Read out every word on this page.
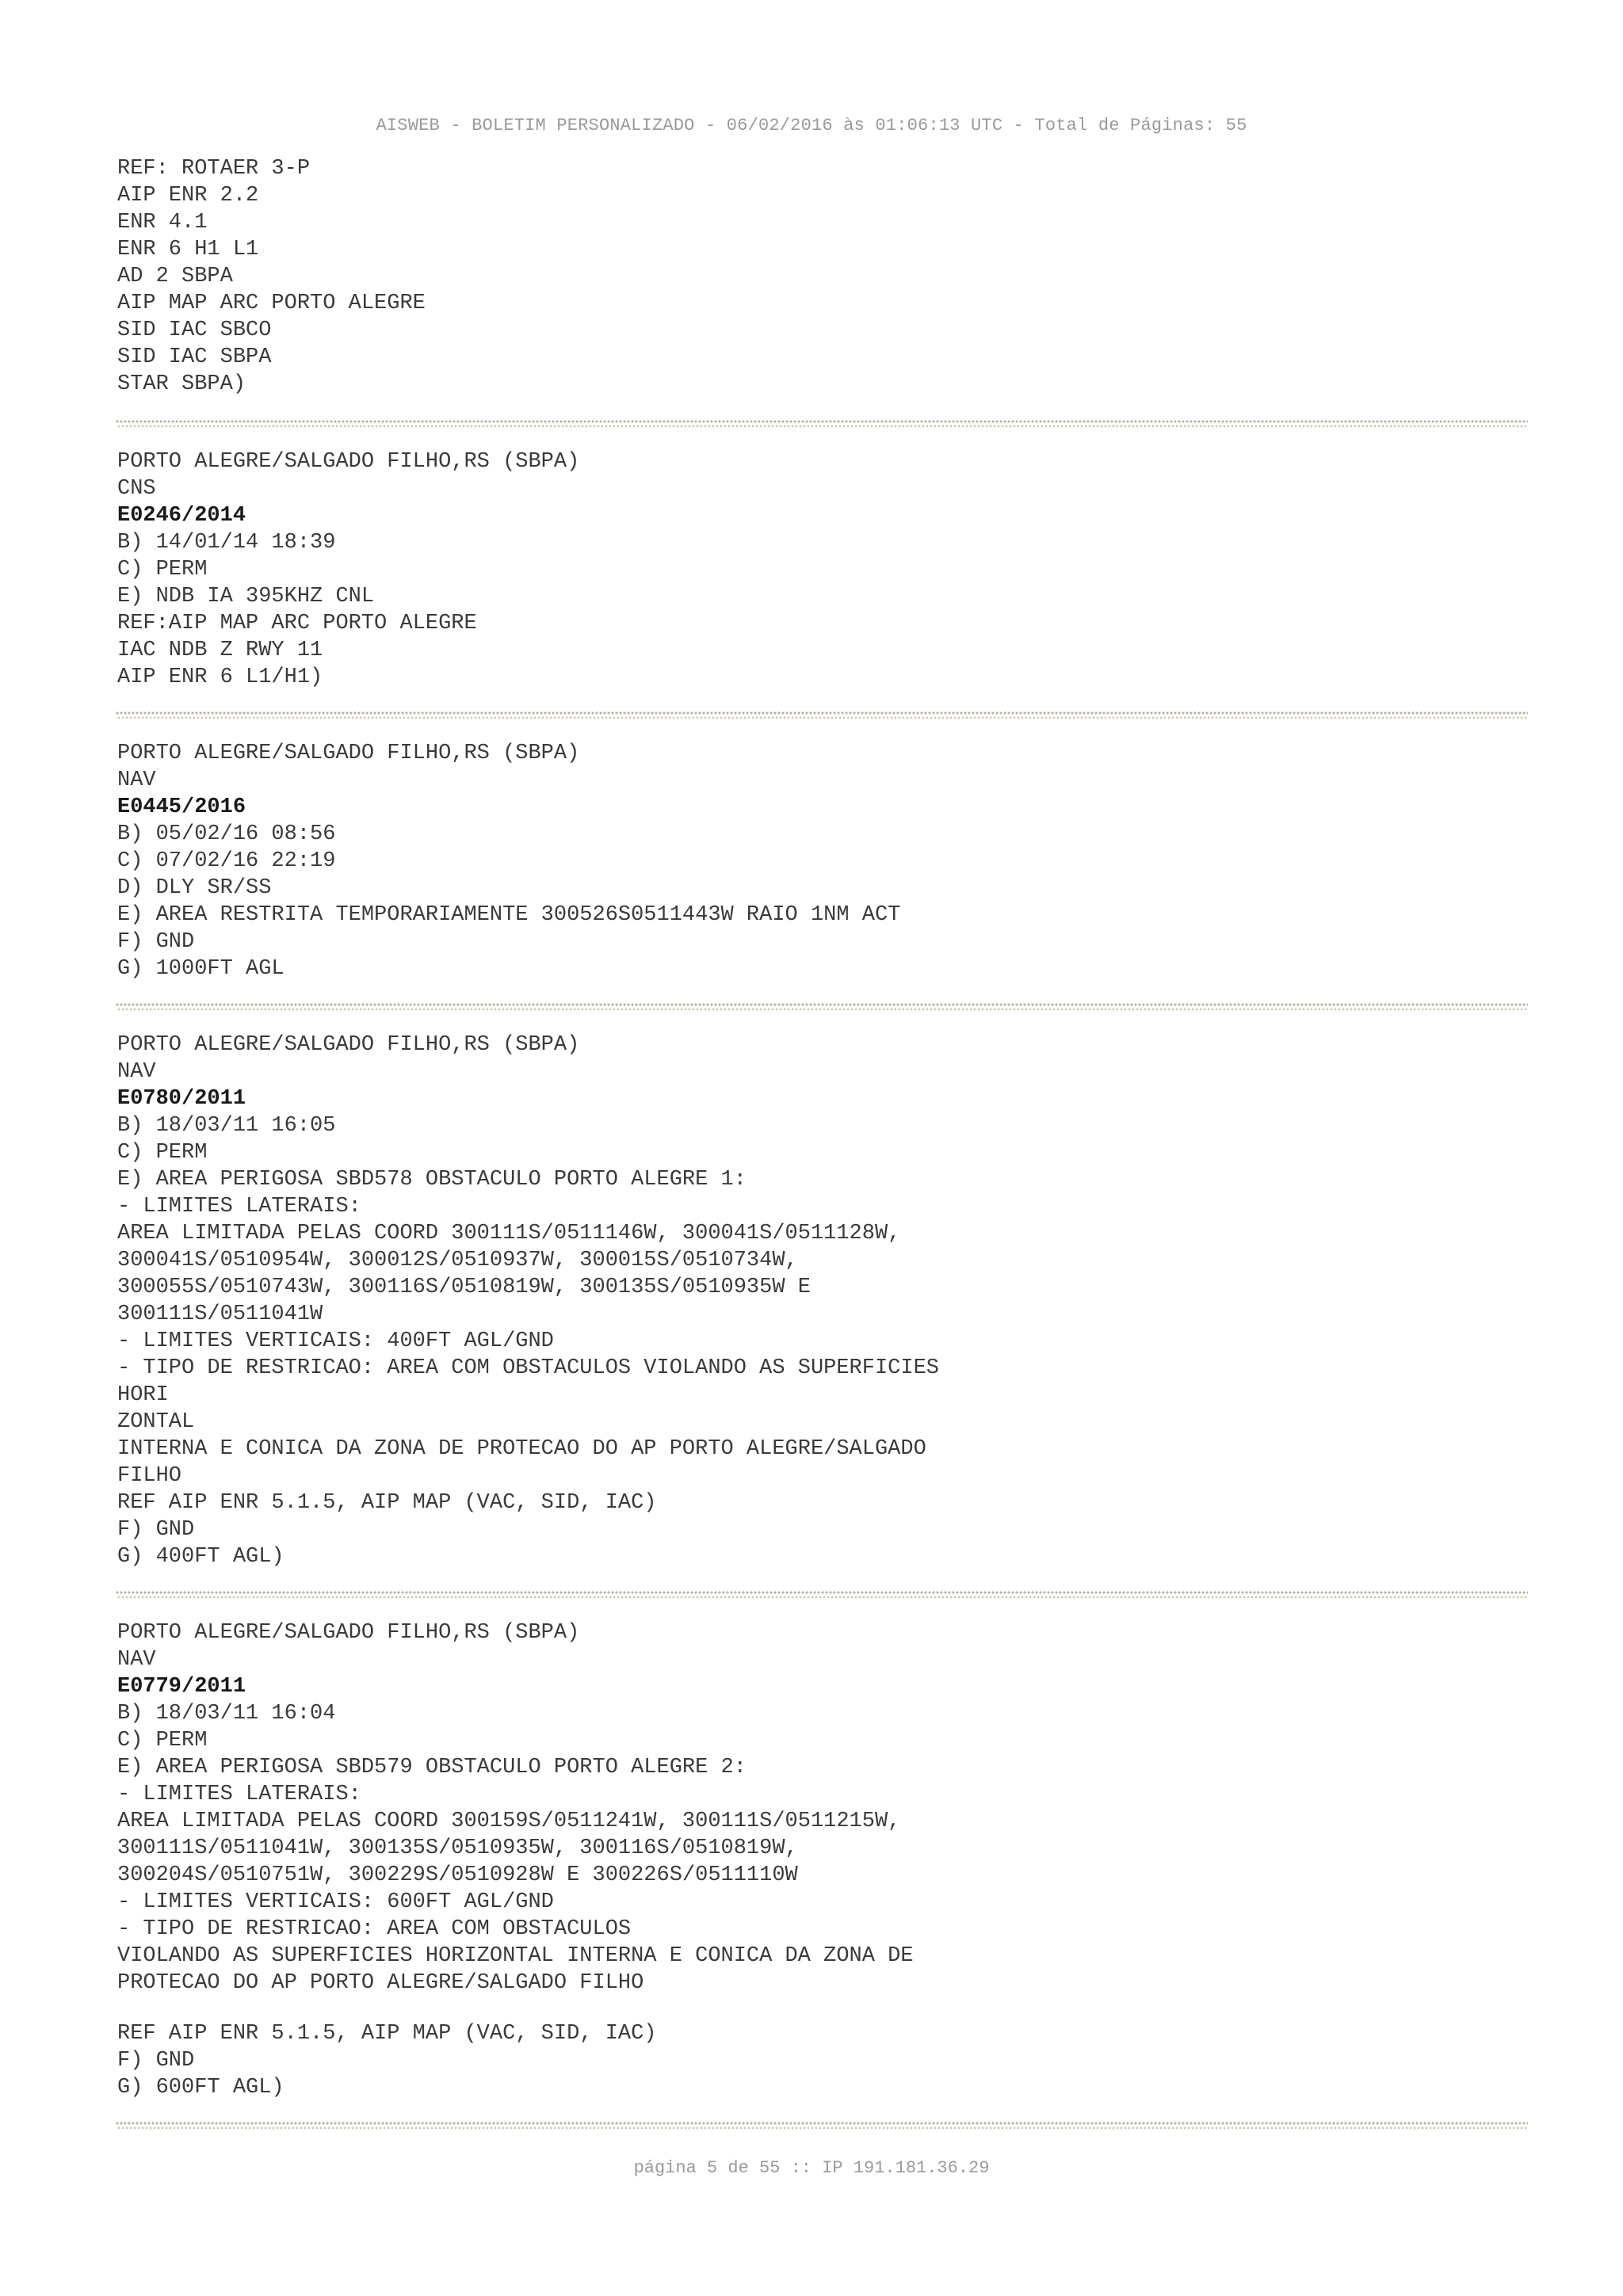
AISWEB - BOLETIM PERSONALIZADO - 06/02/2016 às 01:06:13 UTC - Total de Páginas: 55
REF: ROTAER 3-P
AIP ENR 2.2
ENR 4.1
ENR 6 H1 L1
AD 2 SBPA
AIP MAP ARC PORTO ALEGRE
SID IAC SBCO
SID IAC SBPA
STAR SBPA)
PORTO ALEGRE/SALGADO FILHO,RS (SBPA)
CNS
E0246/2014
B) 14/01/14 18:39
C) PERM
E) NDB IA 395KHZ CNL
REF:AIP MAP ARC PORTO ALEGRE
IAC NDB Z RWY 11
AIP ENR 6 L1/H1)
PORTO ALEGRE/SALGADO FILHO,RS (SBPA)
NAV
E0445/2016
B) 05/02/16 08:56
C) 07/02/16 22:19
D) DLY SR/SS
E) AREA RESTRITA TEMPORARIAMENTE 300526S0511443W RAIO 1NM ACT
F) GND
G) 1000FT AGL
PORTO ALEGRE/SALGADO FILHO,RS (SBPA)
NAV
E0780/2011
B) 18/03/11 16:05
C) PERM
E) AREA PERIGOSA SBD578 OBSTACULO PORTO ALEGRE 1:
- LIMITES LATERAIS:
AREA LIMITADA PELAS COORD 300111S/0511146W, 300041S/0511128W,
300041S/0510954W, 300012S/0510937W, 300015S/0510734W,
300055S/0510743W, 300116S/0510819W, 300135S/0510935W E
300111S/0511041W
- LIMITES VERTICAIS: 400FT AGL/GND
- TIPO DE RESTRICAO: AREA COM OBSTACULOS VIOLANDO AS SUPERFICIES
HORI
ZONTAL
INTERNA E CONICA DA ZONA DE PROTECAO DO AP PORTO ALEGRE/SALGADO
FILHO
REF AIP ENR 5.1.5, AIP MAP (VAC, SID, IAC)
F) GND
G) 400FT AGL)
PORTO ALEGRE/SALGADO FILHO,RS (SBPA)
NAV
E0779/2011
B) 18/03/11 16:04
C) PERM
E) AREA PERIGOSA SBD579 OBSTACULO PORTO ALEGRE 2:
- LIMITES LATERAIS:
AREA LIMITADA PELAS COORD 300159S/0511241W, 300111S/0511215W,
300111S/0511041W, 300135S/0510935W, 300116S/0510819W,
300204S/0510751W, 300229S/0510928W E 300226S/0511110W
- LIMITES VERTICAIS: 600FT AGL/GND
- TIPO DE RESTRICAO: AREA COM OBSTACULOS
VIOLANDO AS SUPERFICIES HORIZONTAL INTERNA E CONICA DA ZONA DE
PROTECAO DO AP PORTO ALEGRE/SALGADO FILHO
REF AIP ENR 5.1.5, AIP MAP (VAC, SID, IAC)
F) GND
G) 600FT AGL)
página 5 de 55 :: IP 191.181.36.29
